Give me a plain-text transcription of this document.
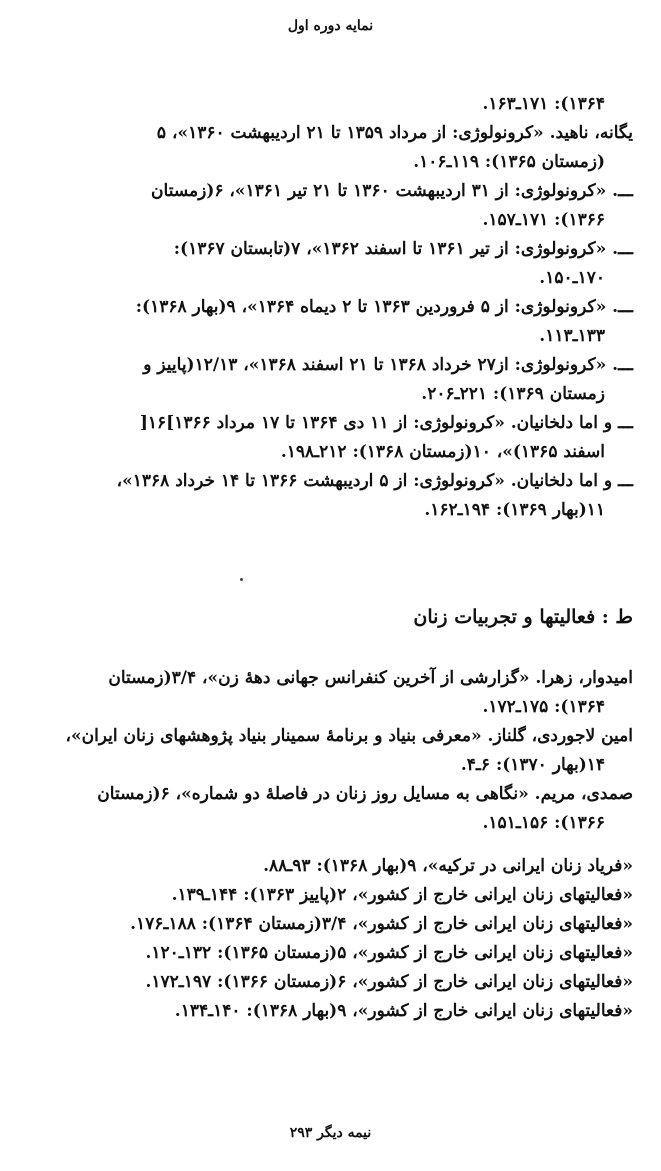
نمایه دوره اول
۱۳۶۴): ۱۷۱ـ۱۶۳.
یگانه، ناهید. «کرونولوژی: از مرداد ۱۳۵۹ تا ۲۱ اردیبهشت ۱۳۶۰»، ۵
(زمستان ۱۳۶۵): ۱۱۹ـ۱۰۶.
ـــ. «کرونولوژی: از ۳۱ اردیبهشت ۱۳۶۰ تا ۲۱ تیر ۱۳۶۱»، ۶(زمستان
۱۳۶۶): ۱۷۱ـ۱۵۷.
ـــ. «کرونولوژی: از تیر ۱۳۶۱ تا اسفند ۱۳۶۲»، ۷(تابستان ۱۳۶۷):
۱۷۰ـ۱۵۰.
ـــ. «کرونولوژی: از ۵ فروردین ۱۳۶۳ تا ۲ دیماه ۱۳۶۴»، ۹(بهار ۱۳۶۸):
۱۳۳ـ۱۱۳.
ـــ. «کرونولوژی: از۲۷ خرداد ۱۳۶۸ تا ۲۱ اسفند ۱۳۶۸»، ۱۲/۱۳(پاییز و
زمستان ۱۳۶۹): ۲۲۱ـ۲۰۶.
ـــ و اما دلخانیان. «کرونولوژی: از ۱۱ دی ۱۳۶۴ تا ۱۷ مرداد ۱۳۶۶]۱۶[
اسفند ۱۳۶۵)»، ۱۰(زمستان ۱۳۶۸): ۲۱۲ـ۱۹۸.
ـــ و اما دلخانیان. «کرونولوژی: از ۵ اردیبهشت ۱۳۶۶ تا ۱۴ خرداد ۱۳۶۸»،
۱۱(بهار ۱۳۶۹): ۱۹۴ـ۱۶۲.
ط : فعالیتها و تجربیات زنان
امیدوار، زهرا. «گزارشی از آخرین کنفرانس جهانی دههٔ زن»، ۳/۴(زمستان
۱۳۶۴): ۱۷۵ـ۱۷۲.
امین لاجوردی، گلناز. «معرفی بنیاد و برنامهٔ سمینار بنیاد پژوهشهای زنان ایران»،
۱۴(بهار ۱۳۷۰): ۶ـ۴.
صمدی، مریم. «نگاهی به مسایل روز زنان در فاصلهٔ دو شماره»، ۶(زمستان
۱۳۶۶): ۱۵۶ـ۱۵۱.
«فریاد زنان ایرانی در ترکیه»، ۹(بهار ۱۳۶۸): ۹۳ـ۸۸.
«فعالیتهای زنان ایرانی خارج از کشور»، ۲(پاییز ۱۳۶۳): ۱۴۴ـ۱۳۹.
«فعالیتهای زنان ایرانی خارج از کشور»، ۳/۴(زمستان ۱۳۶۴): ۱۸۸ـ۱۷۶.
«فعالیتهای زنان ایرانی خارج از کشور»، ۵(زمستان ۱۳۶۵): ۱۳۲ـ۱۲۰.
«فعالیتهای زنان ایرانی خارج از کشور»، ۶(زمستان ۱۳۶۶): ۱۹۷ـ۱۷۲.
«فعالیتهای زنان ایرانی خارج از کشور»، ۹(بهار ۱۳۶۸): ۱۴۰ـ۱۳۴.
نیمه دیگر ۲۹۳
